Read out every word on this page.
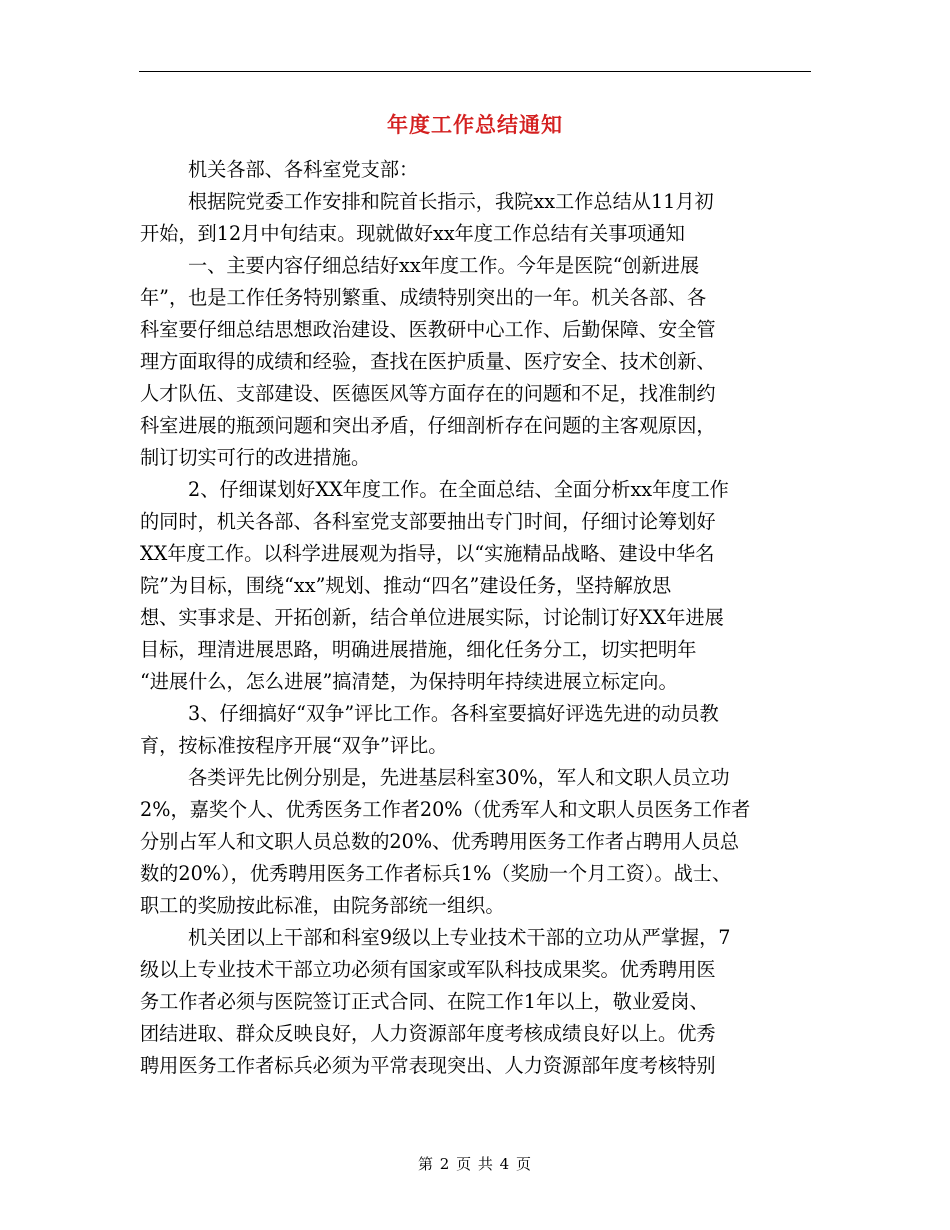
年度工作总结通知
机关各部、各科室党支部：
根据院党委工作安排和院首长指示，我院xx工作总结从11月初
开始，到12月中旬结束。现就做好xx年度工作总结有关事项通知
一、主要内容仔细总结好xx年度工作。今年是医院“创新进展
年”，也是工作任务特别繁重、成绩特别突出的一年。机关各部、各
科室要仔细总结思想政治建设、医教研中心工作、后勤保障、安全管
理方面取得的成绩和经验，查找在医护质量、医疗安全、技术创新、
人才队伍、支部建设、医德医风等方面存在的问题和不足，找准制约
科室进展的瓶颈问题和突出矛盾，仔细剖析存在问题的主客观原因，
制订切实可行的改进措施。
2、仔细谋划好XX年度工作。在全面总结、全面分析xx年度工作
的同时，机关各部、各科室党支部要抽出专门时间，仔细讨论筹划好
XX年度工作。以科学进展观为指导，以“实施精品战略、建设中华名
院”为目标，围绕“xx”规划、推动“四名”建设任务，坚持解放思
想、实事求是、开拓创新，结合单位进展实际，讨论制订好XX年进展
目标，理清进展思路，明确进展措施，细化任务分工，切实把明年
“进展什么，怎么进展”搞清楚，为保持明年持续进展立标定向。
3、仔细搞好“双争”评比工作。各科室要搞好评选先进的动员教
育，按标准按程序开展“双争”评比。
各类评先比例分别是，先进基层科室30%，军人和文职人员立功
2%，嘉奖个人、优秀医务工作者20%（优秀军人和文职人员医务工作者
分别占军人和文职人员总数的20%、优秀聘用医务工作者占聘用人员总
数的20%），优秀聘用医务工作者标兵1%（奖励一个月工资）。战士、
职工的奖励按此标准，由院务部统一组织。
机关团以上干部和科室9级以上专业技术干部的立功从严掌握，7
级以上专业技术干部立功必须有国家或军队科技成果奖。优秀聘用医
务工作者必须与医院签订正式合同、在院工作1年以上，敬业爱岗、
团结进取、群众反映良好，人力资源部年度考核成绩良好以上。优秀
聘用医务工作者标兵必须为平常表现突出、人力资源部年度考核特别
第 2 页 共 4 页
